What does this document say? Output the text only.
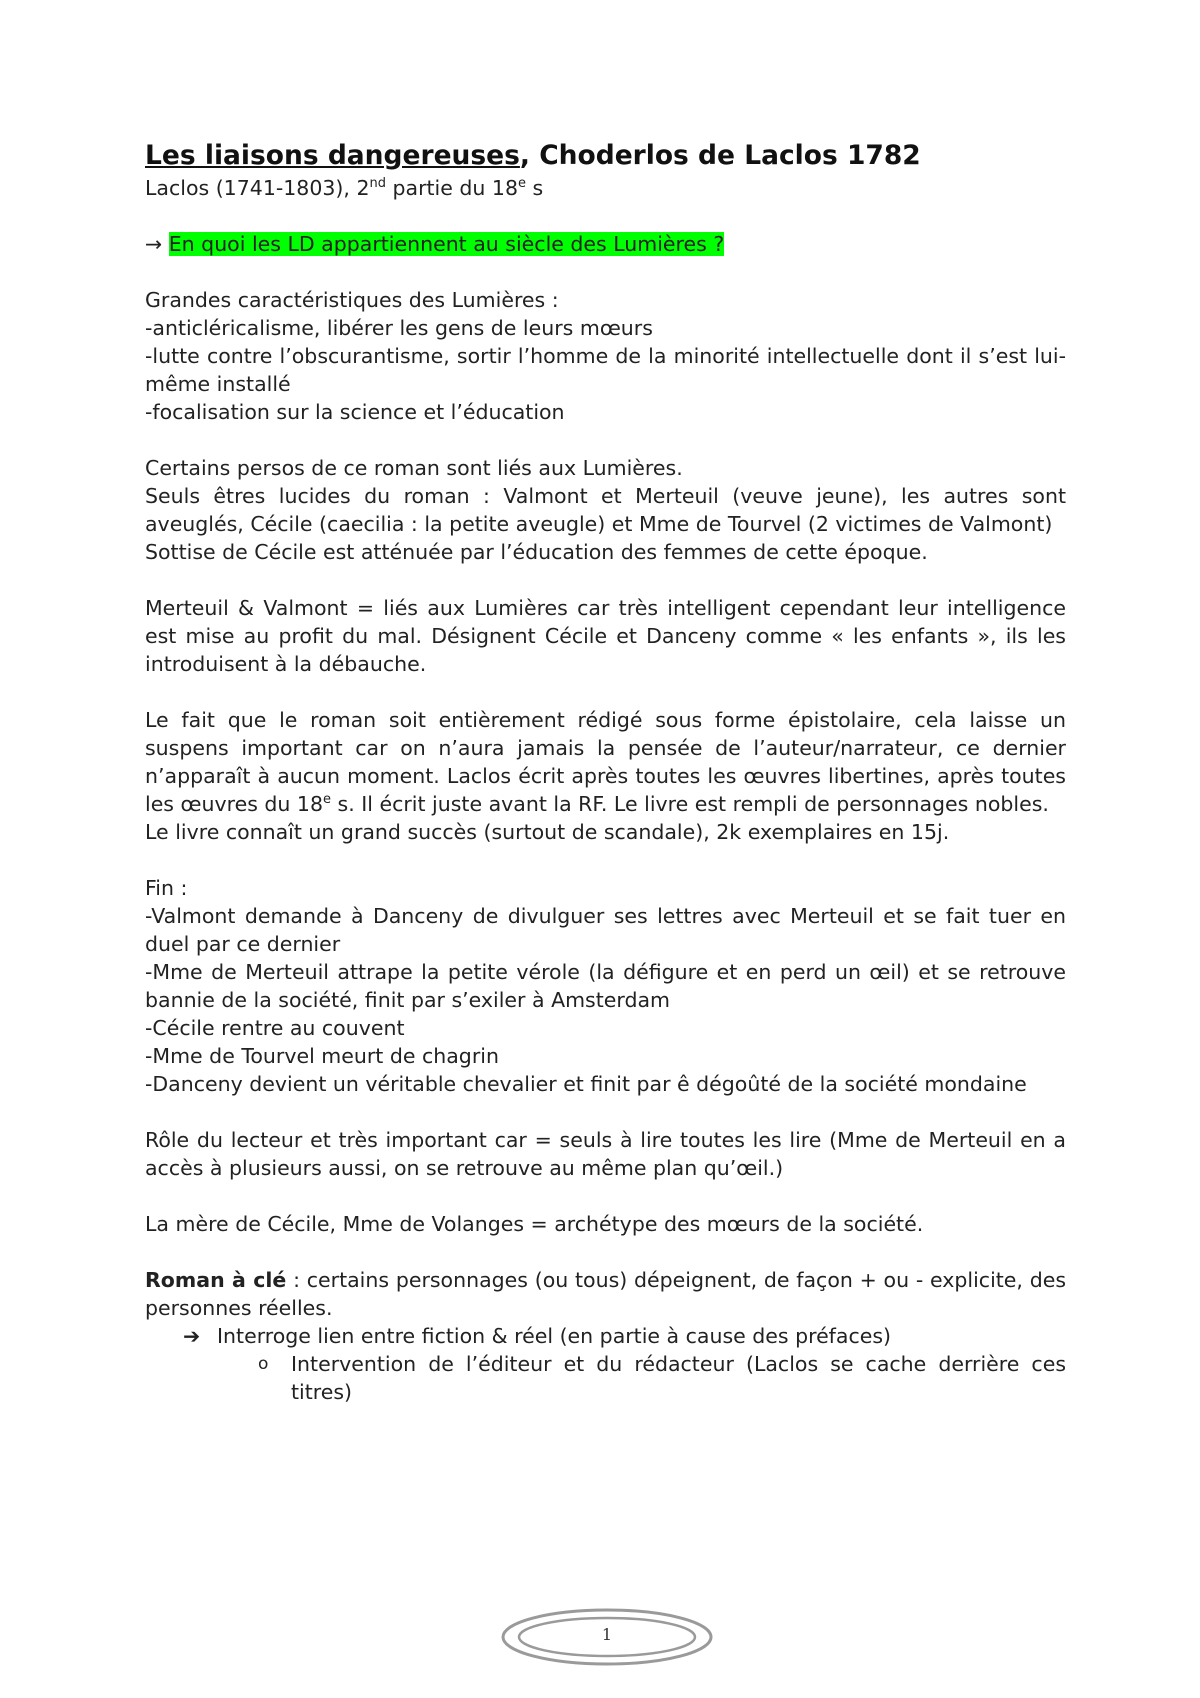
Les liaisons dangereuses, Choderlos de Laclos 1782

Laclos (1741-1803), 2nd partie du 18e s

→ En quoi les LD appartiennent au siècle des Lumières ?

Grandes caractéristiques des Lumières :

-anticléricalisme, libérer les gens de leurs mœurs

-lutte contre l’obscurantisme, sortir l’homme de la minorité intellectuelle dont il s’est lui-même installé

-focalisation sur la science et l’éducation

Certains persos de ce roman sont liés aux Lumières.

Seuls êtres lucides du roman : Valmont et Merteuil (veuve jeune), les autres sont aveuglés, Cécile (caecilia : la petite aveugle) et Mme de Tourvel (2 victimes de Valmont)

Sottise de Cécile est atténuée par l’éducation des femmes de cette époque.

Merteuil & Valmont = liés aux Lumières car très intelligent cependant leur intelligence est mise au profit du mal. Désignent Cécile et Danceny comme « les enfants », ils les introduisent à la débauche.

Le fait que le roman soit entièrement rédigé sous forme épistolaire, cela laisse un suspens important car on n’aura jamais la pensée de l’auteur/narrateur, ce dernier n’apparaît à aucun moment. Laclos écrit après toutes les œuvres libertines, après toutes les œuvres du 18e s. Il écrit juste avant la RF. Le livre est rempli de personnages nobles.

Le livre connaît un grand succès (surtout de scandale), 2k exemplaires en 15j.

Fin :

-Valmont demande à Danceny de divulguer ses lettres avec Merteuil et se fait tuer en duel par ce dernier

-Mme de Merteuil attrape la petite vérole (la défigure et en perd un œil) et se retrouve bannie de la société, finit par s’exiler à Amsterdam

-Cécile rentre au couvent

-Mme de Tourvel meurt de chagrin

-Danceny devient un véritable chevalier et finit par ê dégoûté de la société mondaine

Rôle du lecteur et très important car = seuls à lire toutes les lire (Mme de Merteuil en a accès à plusieurs aussi, on se retrouve au même plan qu’œil.)

La mère de Cécile, Mme de Volanges = archétype des mœurs de la société.

Roman à clé : certains personnages (ou tous) dépeignent, de façon + ou - explicite, des personnes réelles.

➔ Interroge lien entre fiction & réel (en partie à cause des préfaces)

o Intervention de l’éditeur et du rédacteur (Laclos se cache derrière ces titres)

1
